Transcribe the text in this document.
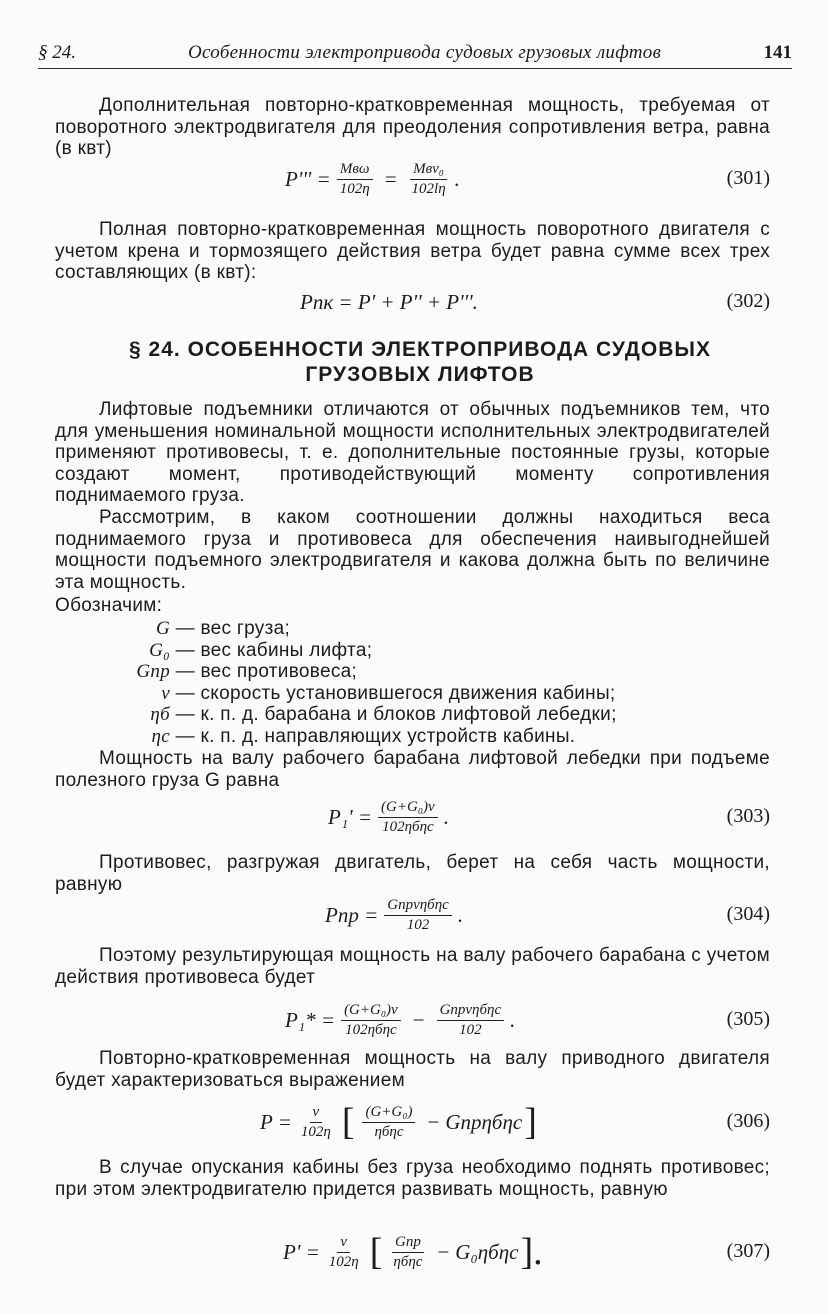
§ 24.	Особенности электропривода судовых грузовых лифтов	141
Дополнительная повторно-кратковременная мощность, требуемая от поворотного электродвигателя для преодоления сопротивления ветра, равна (в квт)
$P''' = \frac{\text{Mвω}}{102\eta} = \frac{\text{Mвv₀}}{102l\eta}$ .	(301)
Полная повторно-кратковременная мощность поворотного двигателя с учетом крена и тормозящего действия ветра будет равна сумме всех трех составляющих (в квт):
Pпк = P' + P'' + P'''.	(302)
§ 24. ОСОБЕННОСТИ ЭЛЕКТРОПРИВОДА СУДОВЫХ
ГРУЗОВЫХ ЛИФТОВ
Лифтовые подъемники отличаются от обычных подъемников тем, что для уменьшения номинальной мощности исполнительных электродвигателей применяют противовесы, т. е. дополнительные постоянные грузы, которые создают момент, противодействующий моменту сопротивления поднимаемого груза.
Рассмотрим, в каком соотношении должны находиться веса поднимаемого груза и противовеса для обеспечения наивыгоднейшей мощности подъемного электродвигателя и какова должна быть по величине эта мощность.
Обозначим:
G — вес груза;
G₀ — вес кабины лифта;
Gпр — вес противовеса;
v — скорость установившегося движения кабины;
ηб — к. п. д. барабана и блоков лифтовой лебедки;
ηс — к. п. д. направляющих устройств кабины.
Мощность на валу рабочего барабана лифтовой лебедки при подъеме полезного груза G равна
$P_1' = \frac{\text{(G+G₀)v}}{\text{102ηбηс}}$ .	(303)
Противовес, разгружая двигатель, берет на себя часть мощности, равную
Pпр = $\frac{\text{Gпрvηбηс}}{102}$ .	(304)
Поэтому результирующая мощность на валу рабочего барабана с учетом действия противовеса будет
$P_1* = \frac{\text{(G+G₀)v}}{\text{102ηбηс}} - \frac{\text{Gпрvηбηс}}{102}$ .	(305)
Повторно-кратковременная мощность на валу приводного двигателя будет характеризоваться выражением
$P = \frac{v}{102\eta}$ [ $\frac{\text{(G+G₀)}}{\text{ηбηс}} - Gпр\eta б\eta с$ ]	(306)
В случае опускания кабины без груза необходимо поднять противовес; при этом электродвигателю придется развивать мощность, равную
$P' = \frac{v}{102\eta}$ [ $\frac{\text{Gпр}}{\text{ηбηс}} - G_0\eta б\eta с$ ].	(307)
